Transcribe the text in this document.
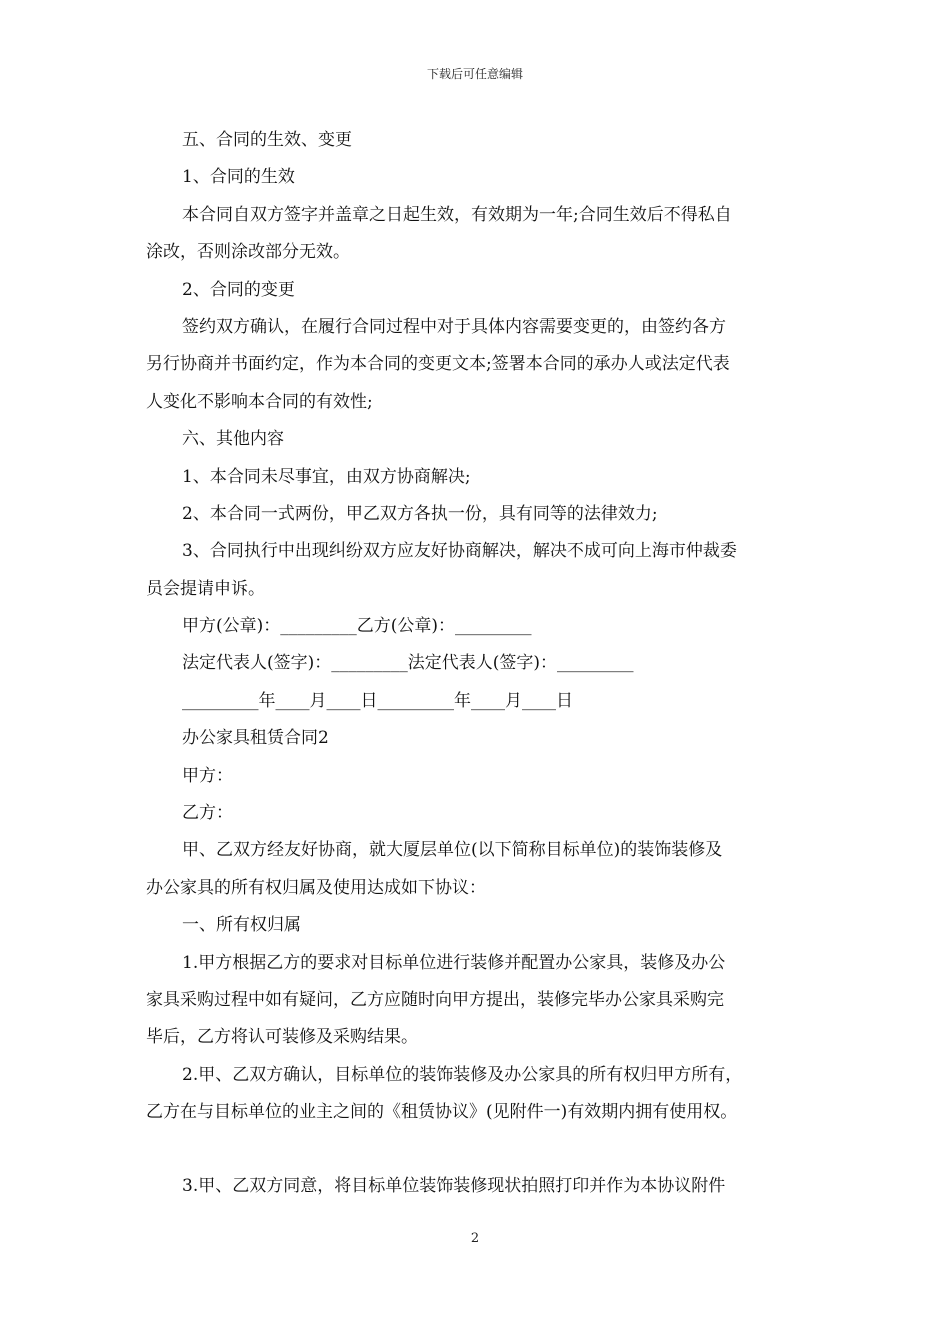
下载后可任意编辑
五、合同的生效、变更
1、合同的生效
本合同自双方签字并盖章之日起生效，有效期为一年;合同生效后不得私自
涂改，否则涂改部分无效。
2、合同的变更
签约双方确认，在履行合同过程中对于具体内容需要变更的，由签约各方
另行协商并书面约定，作为本合同的变更文本;签署本合同的承办人或法定代表
人变化不影响本合同的有效性;
六、其他内容
1、本合同未尽事宜，由双方协商解决;
2、本合同一式两份，甲乙双方各执一份，具有同等的法律效力;
3、合同执行中出现纠纷双方应友好协商解决，解决不成可向上海市仲裁委
员会提请申诉。
甲方(公章)：_________乙方(公章)：_________
法定代表人(签字)：_________法定代表人(签字)：_________
_________年____月____日_________年____月____日
办公家具租赁合同2
甲方：
乙方：
甲、乙双方经友好协商，就大厦层单位(以下简称目标单位)的装饰装修及
办公家具的所有权归属及使用达成如下协议：
一、所有权归属
1.甲方根据乙方的要求对目标单位进行装修并配置办公家具，装修及办公
家具采购过程中如有疑问，乙方应随时向甲方提出，装修完毕办公家具采购完
毕后，乙方将认可装修及采购结果。
2.甲、乙双方确认，目标单位的装饰装修及办公家具的所有权归甲方所有，
乙方在与目标单位的业主之间的《租赁协议》(见附件一)有效期内拥有使用权。
3.甲、乙双方同意，将目标单位装饰装修现状拍照打印并作为本协议附件
2
